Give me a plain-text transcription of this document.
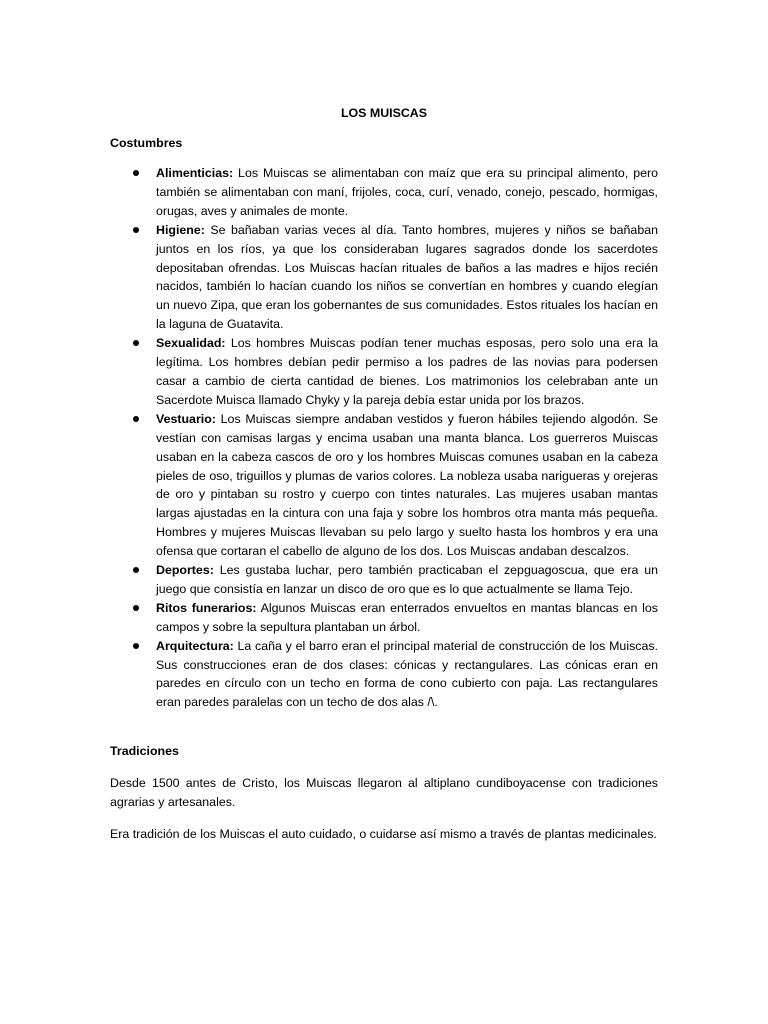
LOS MUISCAS
Costumbres
Alimenticias: Los Muiscas se alimentaban con maíz que era su principal alimento, pero también se alimentaban con maní, frijoles, coca, curí, venado, conejo, pescado, hormigas, orugas, aves y animales de monte.
Higiene: Se bañaban varias veces al día. Tanto hombres, mujeres y niños se bañaban juntos en los ríos, ya que los consideraban lugares sagrados donde los sacerdotes depositaban ofrendas. Los Muiscas hacían rituales de baños a las madres e hijos recién nacidos, también lo hacían cuando los niños se convertían en hombres y cuando elegían un nuevo Zipa, que eran los gobernantes de sus comunidades. Estos rituales los hacían en la laguna de Guatavita.
Sexualidad: Los hombres Muiscas podían tener muchas esposas, pero solo una era la legítima. Los hombres debían pedir permiso a los padres de las novias para podersen casar a cambio de cierta cantidad de bienes. Los matrimonios los celebraban ante un Sacerdote Muisca llamado Chyky y la pareja debía estar unida por los brazos.
Vestuario: Los Muiscas siempre andaban vestidos y fueron hábiles tejiendo algodón. Se vestían con camisas largas y encima usaban una manta blanca. Los guerreros Muiscas usaban en la cabeza cascos de oro y los hombres Muiscas comunes usaban en la cabeza pieles de oso, triguillos y plumas de varios colores. La nobleza usaba narigueras y orejeras de oro y pintaban su rostro y cuerpo con tintes naturales. Las mujeres usaban mantas largas ajustadas en la cintura con una faja y sobre los hombros otra manta más pequeña. Hombres y mujeres Muiscas llevaban su pelo largo y suelto hasta los hombros y era una ofensa que cortaran el cabello de alguno de los dos. Los Muiscas andaban descalzos.
Deportes: Les gustaba luchar, pero también practicaban el zepguagoscua, que era un juego que consistía en lanzar un disco de oro que es lo que actualmente se llama Tejo.
Ritos funerarios: Algunos Muiscas eran enterrados envueltos en mantas blancas en los campos y sobre la sepultura plantaban un árbol.
Arquitectura: La caña y el barro eran el principal material de construcción de los Muiscas. Sus construcciones eran de dos clases: cónicas y rectangulares. Las cónicas eran en paredes en círculo con un techo en forma de cono cubierto con paja. Las rectangulares eran paredes paralelas con un techo de dos alas /\.
Tradiciones

Desde 1500 antes de Cristo, los Muiscas llegaron al altiplano cundiboyacense con tradiciones agrarias y artesanales.

Era tradición de los Muiscas el auto cuidado, o cuidarse así mismo a través de plantas medicinales.
